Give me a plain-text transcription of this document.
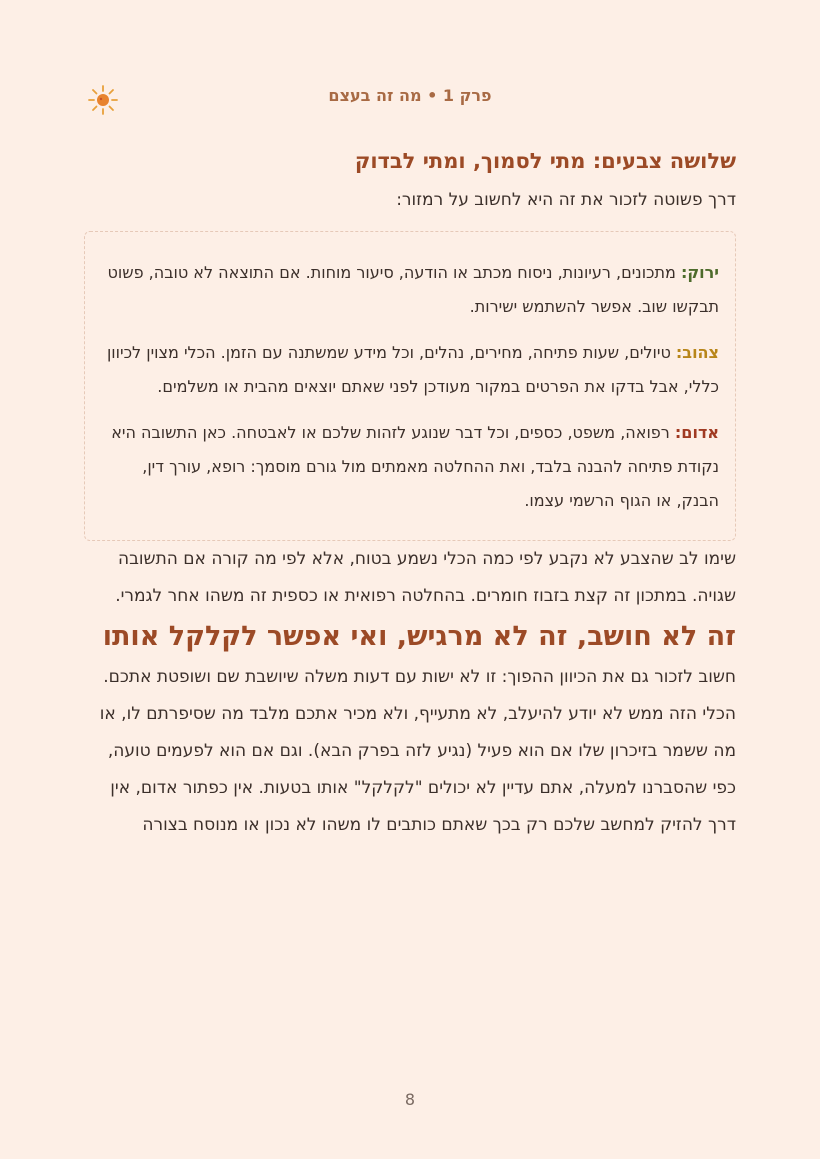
פרק 1 • מה זה בעצם
שלושה צבעים: מתי לסמוך, ומתי לבדוק

דרך פשוטה לזכור את זה היא לחשוב על רמזור:

ירוק: מתכונים, רעיונות, ניסוח מכתב או הודעה, סיעור מוחות. אם התוצאה לא טובה, פשוט תבקשו שוב. אפשר להשתמש ישירות.

צהוב: טיולים, שעות פתיחה, מחירים, נהלים, וכל מידע שמשתנה עם הזמן. הכלי מצוין לכיוון כללי, אבל בדקו את הפרטים במקור מעודכן לפני שאתם יוצאים מהבית או משלמים.

אדום: רפואה, משפט, כספים, וכל דבר שנוגע לזהות שלכם או לאבטחה. כאן התשובה היא נקודת פתיחה להבנה בלבד, ואת ההחלטה מאמתים מול גורם מוסמך: רופא, עורך דין, הבנק, או הגוף הרשמי עצמו.

שימו לב שהצבע לא נקבע לפי כמה הכלי נשמע בטוח, אלא לפי מה קורה אם התשובה שגויה. במתכון זה קצת בזבוז חומרים. בהחלטה רפואית או כספית זה משהו אחר לגמרי.

זה לא חושב, זה לא מרגיש, ואי אפשר לקלקל אותו

חשוב לזכור גם את הכיוון ההפוך: זו לא ישות עם דעות משלה שיושבת שם ושופטת אתכם. הכלי הזה ממש לא יודע להיעלב, לא מתעייף, ולא מכיר אתכם מלבד מה שסיפרתם לו, או מה ששמר בזיכרון שלו אם הוא פעיל (נגיע לזה בפרק הבא). וגם אם הוא לפעמים טועה, כפי שהסברנו למעלה, אתם עדיין לא יכולים "לקלקל" אותו בטעות. אין כפתור אדום, אין דרך להזיק למחשב שלכם רק בכך שאתם כותבים לו משהו לא נכון או מנוסח בצורה

8
